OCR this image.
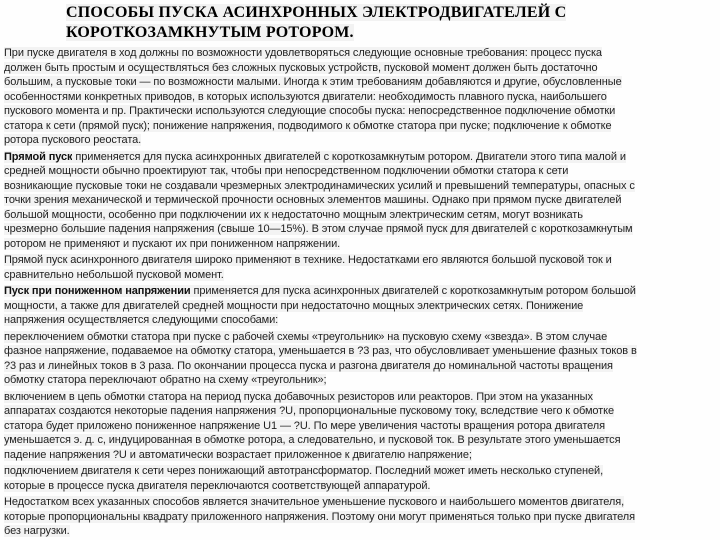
СПОСОБЫ ПУСКА АСИНХРОННЫХ ЭЛЕКТРОДВИГАТЕЛЕЙ С
КОРОТКОЗАМКНУТЫМ РОТОРОМ.
При пуске двигателя в ход должны по возможности удовлетворяться следующие основные требования: процесс пуска
должен быть простым и осуществляться без сложных пусковых устройств, пусковой момент должен быть достаточно
большим, а пусковые токи — по возможности малыми. Иногда к этим требованиям добавляются и другие, обусловленные
особенностями конкретных приводов, в которых используются двигатели: необходимость плавного пуска, наибольшего
пускового момента и пр. Практически используются следующие способы пуска: непосредственное подключение обмотки
статора к сети (прямой пуск); понижение напряжения, подводимого к обмотке статора при пуске; подключение к обмотке
ротора пускового реостата.
Прямой пуск применяется для пуска асинхронных двигателей с короткозамкнутым ротором. Двигатели этого типа малой и
средней мощности обычно проектируют так, чтобы при непосредственном подключении обмотки статора к сети
возникающие пусковые токи не создавали чрезмерных электродинамических усилий и превышений температуры, опасных с
точки зрения механической и термической прочности основных элементов машины. Однако при прямом пуске двигателей
большой мощности, особенно при подключении их к недостаточно мощным электрическим сетям, могут возникать
чрезмерно большие падения напряжения (свыше 10—15%). В этом случае прямой пуск для двигателей с короткозамкнутым
ротором не применяют и пускают их при пониженном напряжении.
Прямой пуск асинхронного двигателя широко применяют в технике. Недостатками его являются большой пусковой ток и
сравнительно небольшой пусковой момент.
Пуск при пониженном напряжении применяется для пуска асинхронных двигателей с короткозамкнутым ротором большой
мощности, а также для двигателей средней мощности при недостаточно мощных электрических сетях. Понижение
напряжения осуществляется следующими способами:
переключением обмотки статора при пуске с рабочей схемы «треугольник» на пусковую схему «звезда». В этом случае
фазное напряжение, подаваемое на обмотку статора, уменьшается в ?3 раз, что обусловливает уменьшение фазных токов в
?3 раз и линейных токов в 3 раза. По окончании процесса пуска и разгона двигателя до номинальной частоты вращения
обмотку статора переключают обратно на схему «треугольник»;
включением в цепь обмотки статора на период пуска добавочных резисторов или реакторов. При этом на указанных
аппаратах создаются некоторые падения напряжения ?U, пропорциональные пусковому току, вследствие чего к обмотке
статора будет приложено пониженное напряжение U1 — ?U. По мере увеличения частоты вращения ротора двигателя
уменьшается э. д. с, индуцированная в обмотке ротора, а следовательно, и пусковой ток. В результате этого уменьшается
падение напряжения ?U и автоматически возрастает приложенное к двигателю напряжение;
подключением двигателя к сети через понижающий автотрансформатор. Последний может иметь несколько ступеней,
которые в процессе пуска двигателя переключаются соответствующей аппаратурой.
Недостатком всех указанных способов является значительное уменьшение пускового и наибольшего моментов двигателя,
которые пропорциональны квадрату приложенного напряжения. Поэтому они могут применяться только при пуске двигателя
без нагрузки.
